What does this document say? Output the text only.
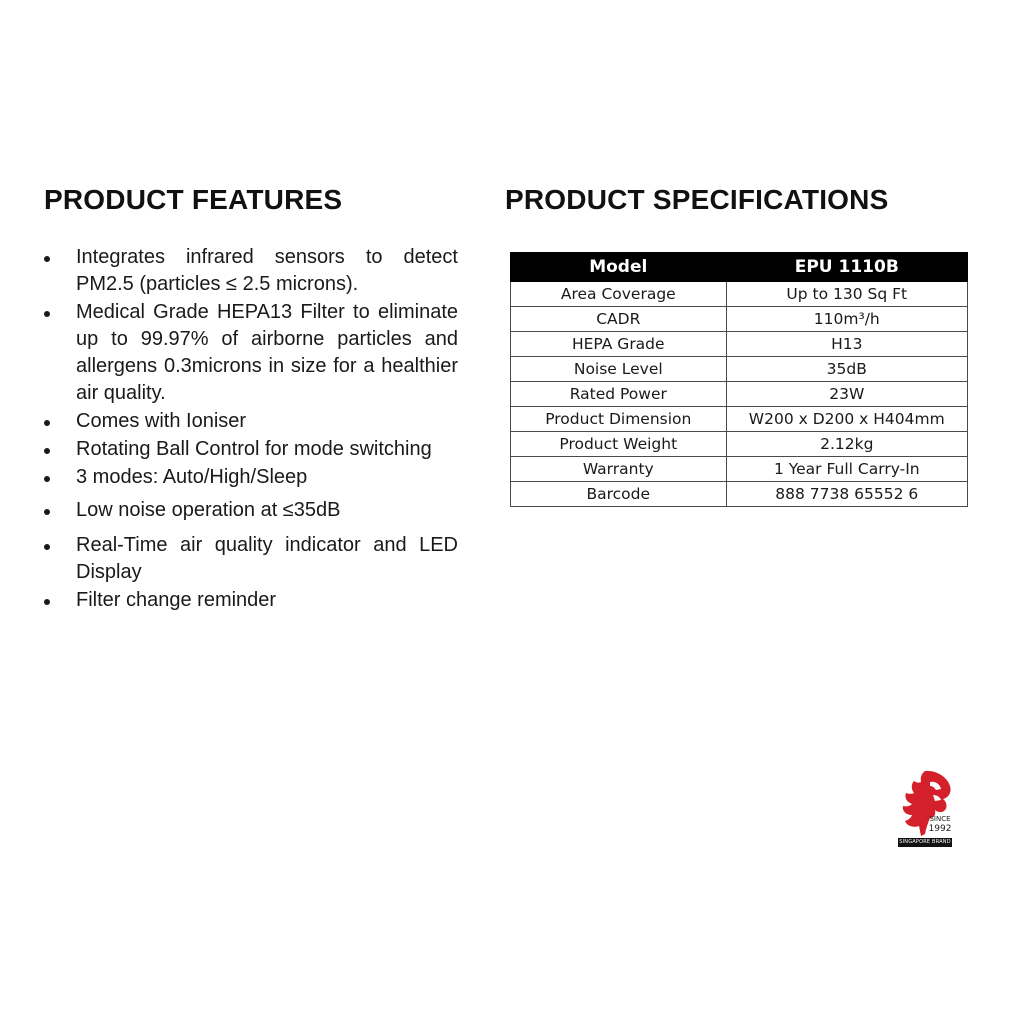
PRODUCT FEATURES	PRODUCT SPECIFICATIONS
Integrates infrared sensors to detect PM2.5 (particles ≤ 2.5 microns).
Medical Grade HEPA13 Filter to eliminate up to 99.97% of airborne particles and allergens 0.3microns in size for a healthier air quality.
Comes with Ioniser
Rotating Ball Control for mode switching
3 modes: Auto/High/Sleep
Low noise operation at ≤35dB
Real-Time air quality indicator and LED Display
Filter change reminder
Model	EPU 1110B
Area Coverage	Up to 130 Sq Ft
CADR	110m³/h
HEPA Grade	H13
Noise Level	35dB
Rated Power	23W
Product Dimension	W200 x D200 x H404mm
Product Weight	2.12kg
Warranty	1 Year Full Carry-In
Barcode	888 7738 65552 6
SINCE
1992
SINGAPORE BRAND
